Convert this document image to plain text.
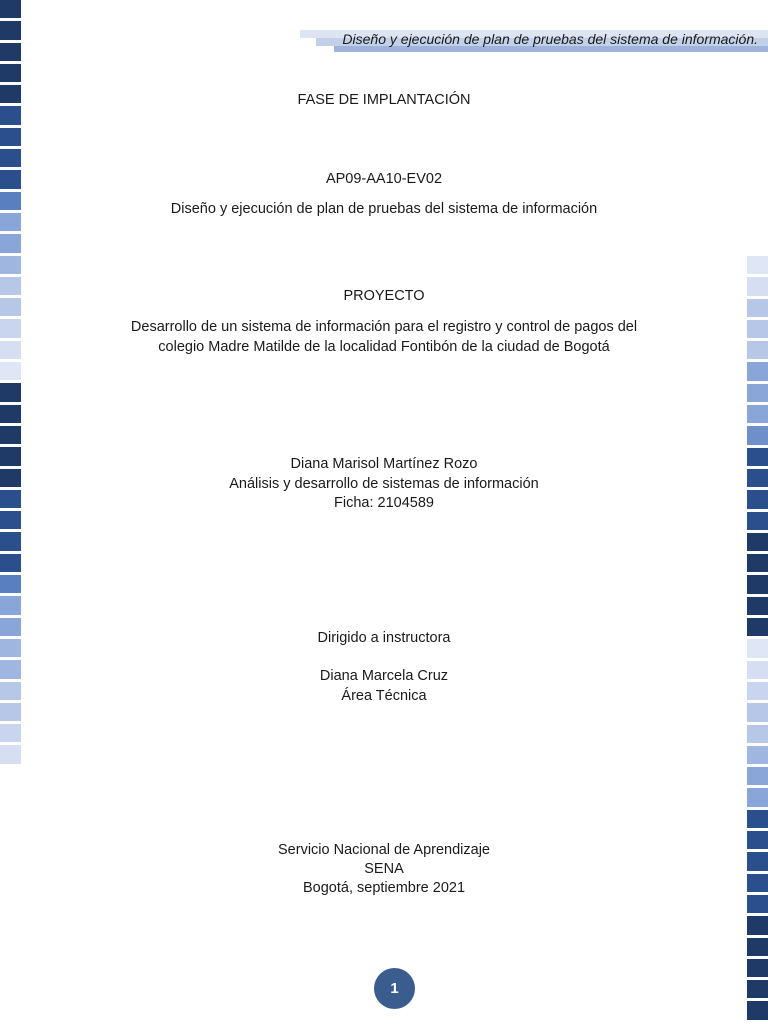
Diseño y ejecución de plan de pruebas del sistema de información.
FASE DE IMPLANTACIÓN
AP09-AA10-EV02
Diseño y ejecución de plan de pruebas del sistema de información
PROYECTO
Desarrollo de un sistema de información para el registro y control de pagos del
colegio Madre Matilde de la localidad Fontibón de la ciudad de Bogotá
Diana Marisol Martínez Rozo
Análisis y desarrollo de sistemas de información
Ficha: 2104589
Dirigido a instructora
Diana Marcela Cruz
Área Técnica
Servicio Nacional de Aprendizaje
SENA
Bogotá, septiembre 2021
1
